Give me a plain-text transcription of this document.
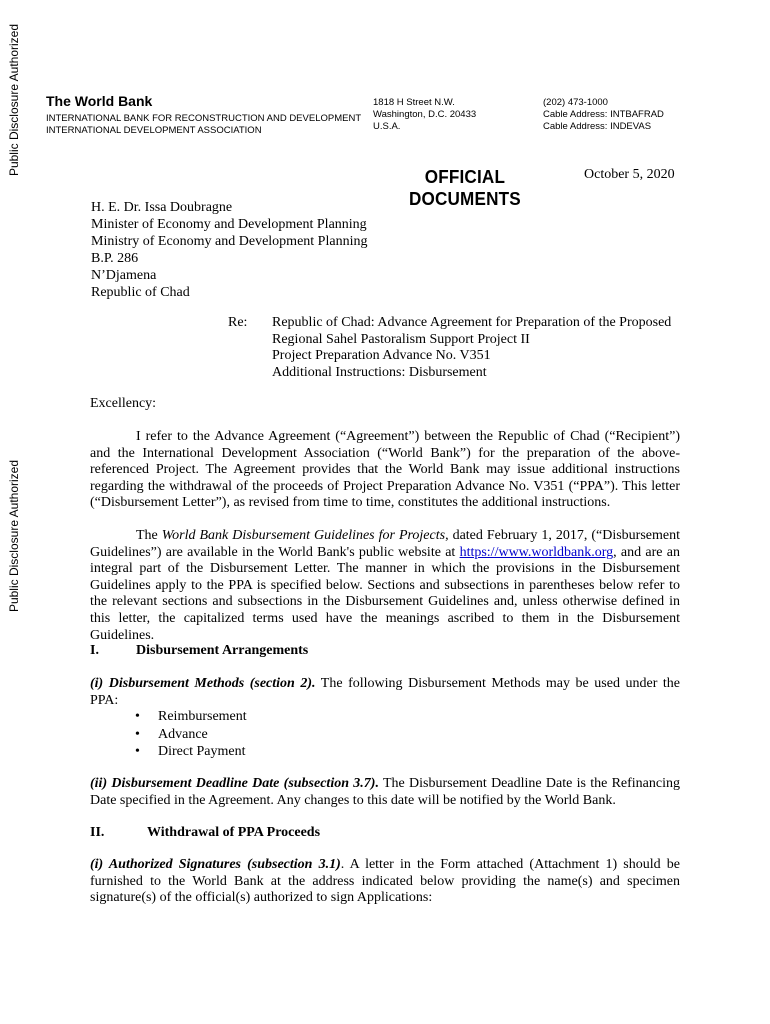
Public Disclosure Authorized
Public Disclosure Authorized
The World Bank
INTERNATIONAL BANK FOR RECONSTRUCTION AND DEVELOPMENT
INTERNATIONAL DEVELOPMENT ASSOCIATION
1818 H Street N.W.
Washington, D.C. 20433
U.S.A.
(202) 473-1000
Cable Address: INTBAFRAD
Cable Address: INDEVAS
OFFICIAL
DOCUMENTS
October 5, 2020
H. E. Dr. Issa Doubragne
Minister of Economy and Development Planning
Ministry of Economy and Development Planning
B.P. 286
N’Djamena
Republic of Chad
Re: Republic of Chad: Advance Agreement for Preparation of the Proposed
Regional Sahel Pastoralism Support Project II
Project Preparation Advance No. V351
Additional Instructions: Disbursement
Excellency:
I refer to the Advance Agreement (“Agreement”) between the Republic of Chad (“Recipient”) and the International Development Association (“World Bank”) for the preparation of the above-referenced Project. The Agreement provides that the World Bank may issue additional instructions regarding the withdrawal of the proceeds of Project Preparation Advance No. V351 (“PPA”). This letter (“Disbursement Letter”), as revised from time to time, constitutes the additional instructions.
The World Bank Disbursement Guidelines for Projects, dated February 1, 2017, (“Disbursement Guidelines”) are available in the World Bank's public website at https://www.worldbank.org, and are an integral part of the Disbursement Letter. The manner in which the provisions in the Disbursement Guidelines apply to the PPA is specified below. Sections and subsections in parentheses below refer to the relevant sections and subsections in the Disbursement Guidelines and, unless otherwise defined in this letter, the capitalized terms used have the meanings ascribed to them in the Disbursement Guidelines.
I.	Disbursement Arrangements
(i) Disbursement Methods (section 2). The following Disbursement Methods may be used under the PPA:
• Reimbursement
• Advance
• Direct Payment
(ii) Disbursement Deadline Date (subsection 3.7). The Disbursement Deadline Date is the Refinancing Date specified in the Agreement. Any changes to this date will be notified by the World Bank.
II.	Withdrawal of PPA Proceeds
(i) Authorized Signatures (subsection 3.1). A letter in the Form attached (Attachment 1) should be furnished to the World Bank at the address indicated below providing the name(s) and specimen signature(s) of the official(s) authorized to sign Applications:
